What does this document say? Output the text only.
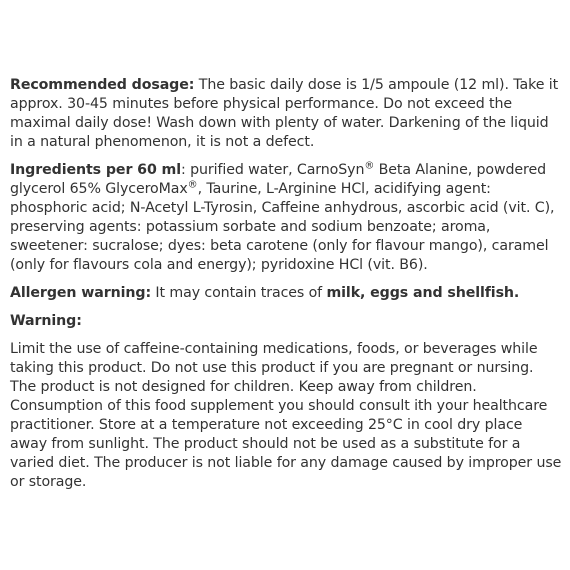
Recommended dosage: The basic daily dose is 1/5 ampoule (12 ml). Take it approx. 30-45 minutes before physical performance. Do not exceed the maximal daily dose! Wash down with plenty of water. Darkening of the liquid in a natural phenomenon, it is not a defect.

Ingredients per 60 ml: purified water, CarnoSyn® Beta Alanine, powdered glycerol 65% GlyceroMax®, Taurine, L-Arginine HCl, acidifying agent: phosphoric acid; N-Acetyl L-Tyrosin, Caffeine anhydrous, ascorbic acid (vit. C), preserving agents: potassium sorbate and sodium benzoate; aroma, sweetener: sucralose; dyes: beta carotene (only for flavour mango), caramel (only for flavours cola and energy); pyridoxine HCl (vit. B6).

Allergen warning: It may contain traces of milk, eggs and shellfish.

Warning:

Limit the use of caffeine-containing medications, foods, or beverages while taking this product. Do not use this product if you are pregnant or nursing. The product is not designed for children. Keep away from children. Consumption of this food supplement you should consult ith your healthcare practitioner. Store at a temperature not exceeding 25°C in cool dry place away from sunlight. The product should not be used as a substitute for a varied diet. The producer is not liable for any damage caused by improper use or storage.
